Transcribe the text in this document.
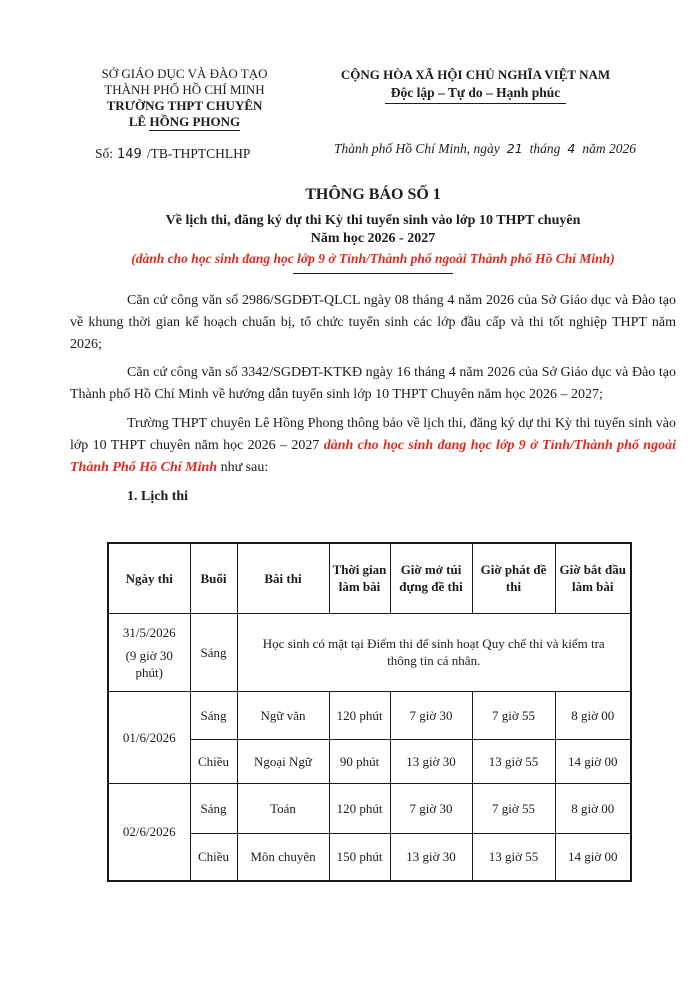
SỞ GIÁO DỤC VÀ ĐÀO TẠO
THÀNH PHỐ HỒ CHÍ MINH
TRƯỜNG THPT CHUYÊN
LÊ HỒNG PHONG
CỘNG HÒA XÃ HỘI CHỦ NGHĨA VIỆT NAM
Độc lập – Tự do – Hạnh phúc
Số: 149 /TB-THPTCHLHP	Thành phố Hồ Chí Minh, ngày 21 tháng 4 năm 2026
THÔNG BÁO SỐ 1
Về lịch thi, đăng ký dự thi Kỳ thi tuyển sinh vào lớp 10 THPT chuyên
Năm học 2026 - 2027
(dành cho học sinh đang học lớp 9 ở Tỉnh/Thành phố ngoài Thành phố Hồ Chí Minh)

Căn cứ công văn số 2986/SGDĐT-QLCL ngày 08 tháng 4 năm 2026 của Sở Giáo dục và Đào tạo về khung thời gian kế hoạch chuẩn bị, tổ chức tuyển sinh các lớp đầu cấp và thi tốt nghiệp THPT năm 2026;

Căn cứ công văn số 3342/SGDĐT-KTKĐ ngày 16 tháng 4 năm 2026 của Sở Giáo dục và Đào tạo Thành phố Hồ Chí Minh về hướng dẫn tuyển sinh lớp 10 THPT Chuyên năm học 2026 – 2027;

Trường THPT chuyên Lê Hồng Phong thông báo về lịch thi, đăng ký dự thi Kỳ thi tuyển sinh vào lớp 10 THPT chuyên năm học 2026 – 2027 dành cho học sinh đang học lớp 9 ở Tỉnh/Thành phố ngoài Thành Phố Hồ Chí Minh như sau:

1. Lịch thi
Ngày thi	Buổi	Bài thi	Thời gian làm bài	Giờ mở túi đựng đề thi	Giờ phát đề thi	Giờ bắt đầu làm bài

31/5/2026
(9 giờ 30 phút)	Sáng	Học sinh có mặt tại Điểm thi để sinh hoạt Quy chế thi và kiểm tra thông tin cá nhân.				
01/6/2026	Sáng	Ngữ văn	120 phút	7 giờ 30	7 giờ 55	8 giờ 00
	Chiều	Ngoại Ngữ	90 phút	13 giờ 30	13 giờ 55	14 giờ 00
02/6/2026	Sáng	Toán	120 phút	7 giờ 30	7 giờ 55	8 giờ 00
	Chiều	Môn chuyên	150 phút	13 giờ 30	13 giờ 55	14 giờ 00
